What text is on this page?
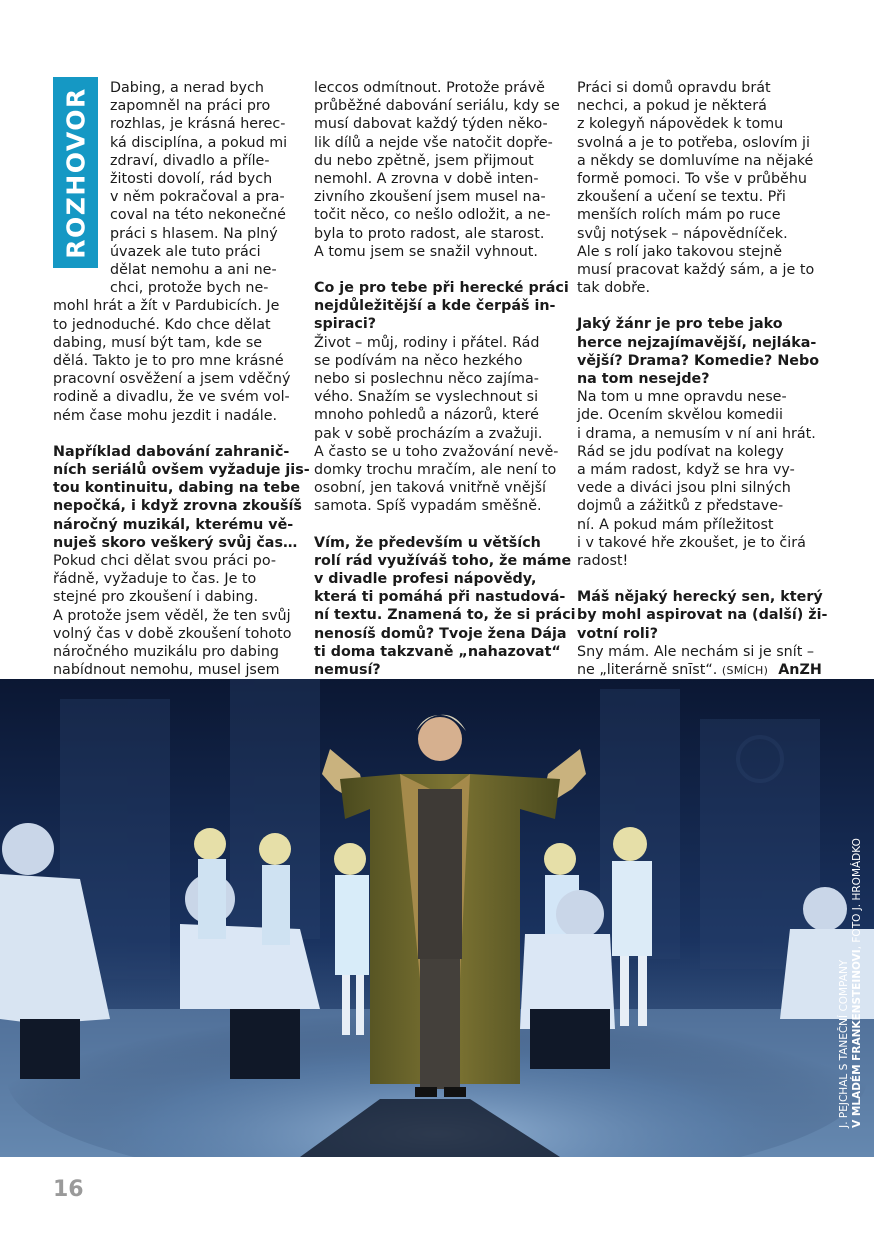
ROZHOVOR	Dabing, a nerad bych
zapomněl na práci pro
rozhlas, je krásná herec-
ká disciplína, a pokud mi
zdraví, divadlo a příle-
žitosti dovolí, rád bych
v něm pokračoval a pra-
coval na této nekonečné
práci s hlasem. Na plný
úvazek ale tuto práci
dělat nemohu a ani ne-
chci, protože bych ne-
mohl hrát a žít v Pardubicích. Je
to jednoduché. Kdo chce dělat
dabing, musí být tam, kde se
dělá. Takto je to pro mne krásné
pracovní osvěžení a jsem vděčný
rodině a divadlu, že ve svém vol-
ném čase mohu jezdit i nadále.

Například dabování zahranič-
ních seriálů ovšem vyžaduje jis-
tou kontinuitu, dabing na tebe
nepočká, i když zrovna zkoušíš
náročný muzikál, kterému vě-
nuješ skoro veškerý svůj čas…

Pokud chci dělat svou práci po-
řádně, vyžaduje to čas. Je to
stejné pro zkoušení i dabing.
A protože jsem věděl, že ten svůj
volný čas v době zkoušení tohoto
náročného muzikálu pro dabing
nabídnout nemohu, musel jsem

leccos odmítnout. Protože právě
průběžné dabování seriálu, kdy se
musí dabovat každý týden něko-
lik dílů a nejde vše natočit dopře-
du nebo zpětně, jsem přijmout
nemohl. A zrovna v době inten-
zivního zkoušení jsem musel na-
točit něco, co nešlo odložit, a ne-
byla to proto radost, ale starost.
A tomu jsem se snažil vyhnout.

Co je pro tebe při herecké práci
nejdůležitější a kde čerpáš in-
spiraci?

Život – můj, rodiny i přátel. Rád
se podívám na něco hezkého
nebo si poslechnu něco zajíma-
vého. Snažím se vyslechnout si
mnoho pohledů a názorů, které
pak v sobě procházím a zvažuji.
A často se u toho zvažování nevě-
domky trochu mračím, ale není to
osobní, jen taková vnitřně vnější
samota. Spíš vypadám směšně.

Vím, že především u větších
rolí rád využíváš toho, že máme
v divadle profesi nápovědy,
která ti pomáhá při nastudová-
ní textu. Znamená to, že si práci
nenosíš domů? Tvoje žena Dája
ti doma takzvaně „nahazovat“
nemusí?

Práci si domů opravdu brát
nechci, a pokud je některá
z kolegyň nápovědek k tomu
svolná a je to potřeba, oslovím ji
a někdy se domluvíme na nějaké
formě pomoci. To vše v průběhu
zkoušení a učení se textu. Při
menších rolích mám po ruce
svůj notýsek – nápovědníček.
Ale s rolí jako takovou stejně
musí pracovat každý sám, a je to
tak dobře.

Jaký žánr je pro tebe jako
herce nejzajímavější, nejláka-
vější? Drama? Komedie? Nebo
na tom nesejde?

Na tom u mne opravdu nese-
jde. Ocením skvělou komedii
i drama, a nemusím v ní ani hrát.
Rád se jdu podívat na kolegy
a mám radost, když se hra vy-
vede a diváci jsou plni silných
dojmů a zážitků z představe-
ní. A pokud mám příležitost
i v takové hře zkoušet, je to čirá
radost!

Máš nějaký herecký sen, který
by mohl aspirovat na (další) ži-
votní roli?

Sny mám. Ale nechám si je snít –
ne „literárně snīst“. (SMÍCH) AnZH

J. PEJCHAL S TANEČNÍ COMPANY V MLADÉM FRANKENSTEINOVI, FOTO J. HROMÁDKO
16
